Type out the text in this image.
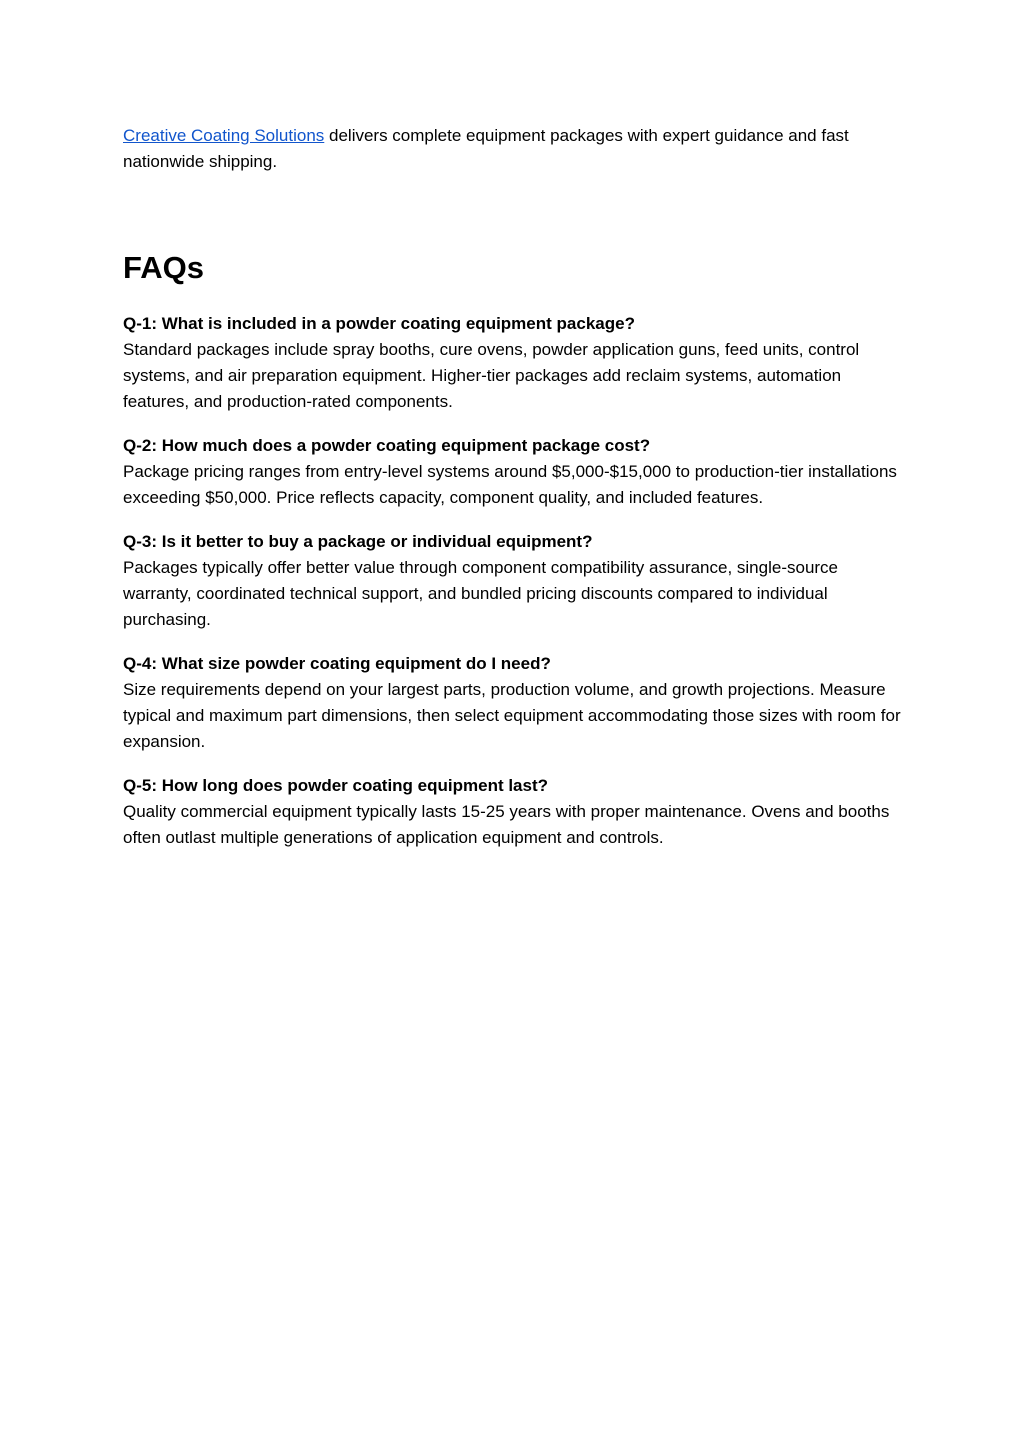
Creative Coating Solutions delivers complete equipment packages with expert guidance and fast nationwide shipping.

FAQs
Q-1: What is included in a powder coating equipment package?
Standard packages include spray booths, cure ovens, powder application guns, feed units, control systems, and air preparation equipment. Higher-tier packages add reclaim systems, automation features, and production-rated components.
Q-2: How much does a powder coating equipment package cost?
Package pricing ranges from entry-level systems around $5,000-$15,000 to production-tier installations exceeding $50,000. Price reflects capacity, component quality, and included features.
Q-3: Is it better to buy a package or individual equipment?
Packages typically offer better value through component compatibility assurance, single-source warranty, coordinated technical support, and bundled pricing discounts compared to individual purchasing.
Q-4: What size powder coating equipment do I need?
Size requirements depend on your largest parts, production volume, and growth projections. Measure typical and maximum part dimensions, then select equipment accommodating those sizes with room for expansion.
Q-5: How long does powder coating equipment last?
Quality commercial equipment typically lasts 15-25 years with proper maintenance. Ovens and booths often outlast multiple generations of application equipment and controls.
